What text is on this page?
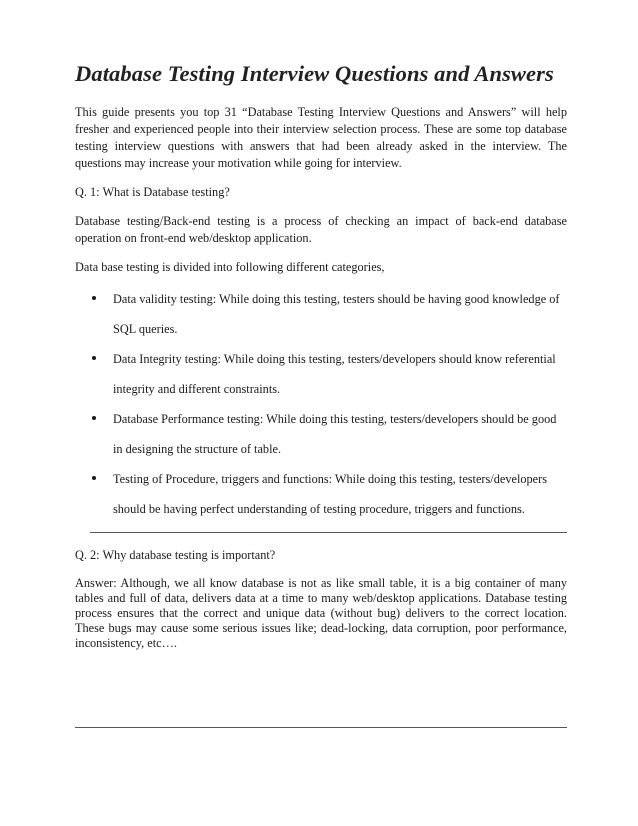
Database Testing Interview Questions and Answers

This guide presents you top 31 “Database Testing Interview Questions and Answers” will help fresher and experienced people into their interview selection process. These are some top database testing interview questions with answers that had been already asked in the interview. The questions may increase your motivation while going for interview.

Q. 1: What is Database testing?

Database testing/Back-end testing is a process of checking an impact of back-end database operation on front-end web/desktop application.

Data base testing is divided into following different categories,

Data validity testing: While doing this testing, testers should be having good knowledge of SQL queries.
Data Integrity testing: While doing this testing, testers/developers should know referential integrity and different constraints.
Database Performance testing: While doing this testing, testers/developers should be good in designing the structure of table.
Testing of Procedure, triggers and functions: While doing this testing, testers/developers should be having perfect understanding of testing procedure, triggers and functions.

Q. 2: Why database testing is important?

Answer: Although, we all know database is not as like small table, it is a big container of many tables and full of data, delivers data at a time to many web/desktop applications. Database testing process ensures that the correct and unique data (without bug) delivers to the correct location. These bugs may cause some serious issues like; dead-locking, data corruption, poor performance, inconsistency, etc….
